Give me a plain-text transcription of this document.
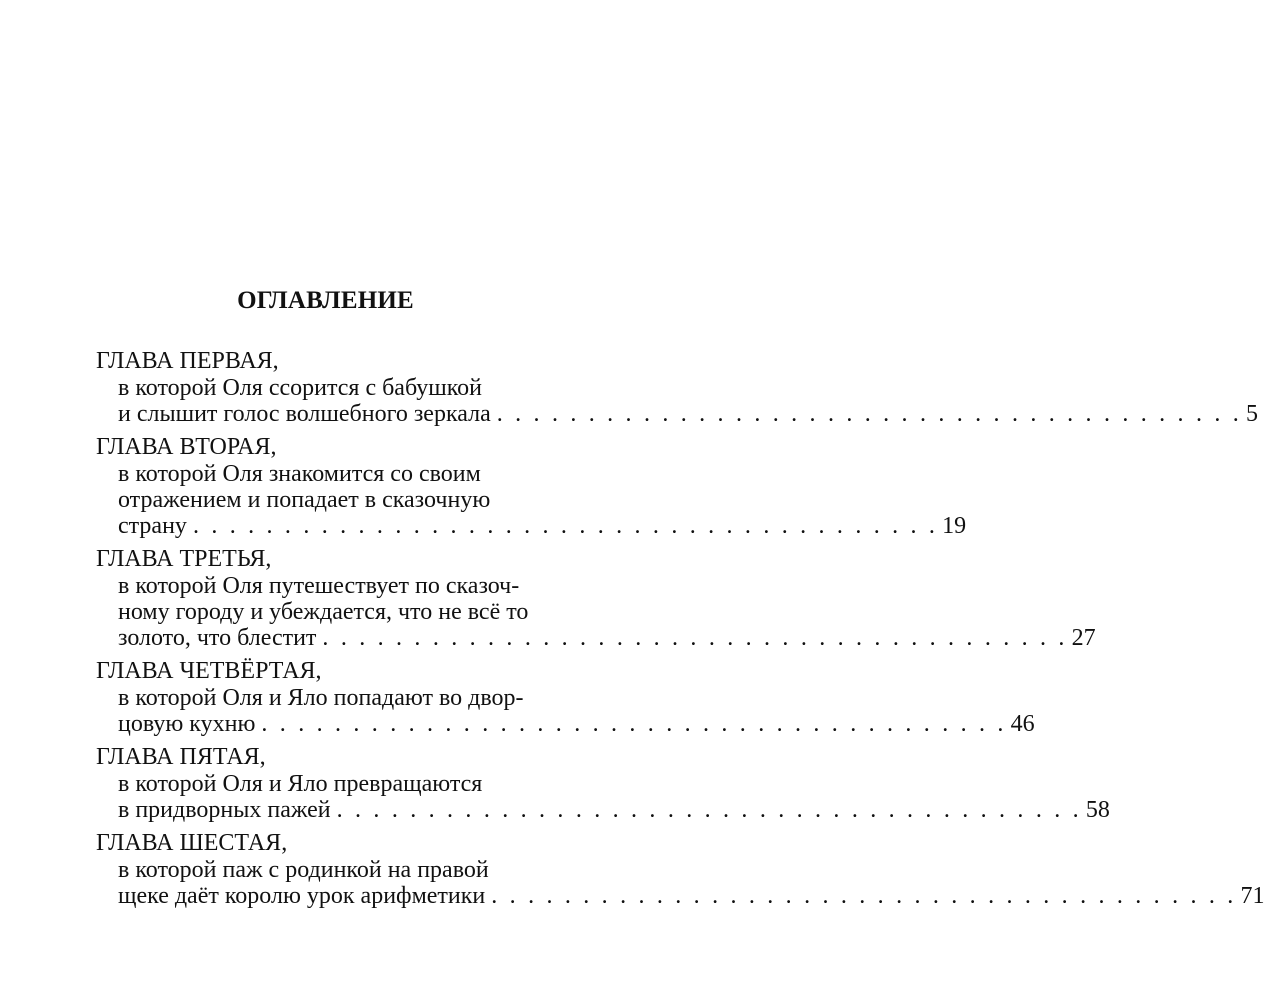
ОГЛАВЛЕНИЕ
ГЛАВА ПЕРВАЯ,
в которой Оля ссорится с бабушкой
и слышит голос волшебного зеркала . . . . . . . . . . . . . . . . . . . . . . . . . . . . . . . . . . . . . . . . . 5
ГЛАВА ВТОРАЯ,
в которой Оля знакомится со своим
отражением и попадает в сказочную
страну . . . . . . . . . . . . . . . . . . . . . . . . . . . . . . . . . . . . . . . . . 19
ГЛАВА ТРЕТЬЯ,
в которой Оля путешествует по сказоч-
ному городу и убеждается, что не всё то
золото, что блестит . . . . . . . . . . . . . . . . . . . . . . . . . . . . . . . . . . . . . . . . . 27
ГЛАВА ЧЕТВЁРТАЯ,
в которой Оля и Яло попадают во двор-
цовую кухню . . . . . . . . . . . . . . . . . . . . . . . . . . . . . . . . . . . . . . . . . 46
ГЛАВА ПЯТАЯ,
в которой Оля и Яло превращаются
в придворных пажей . . . . . . . . . . . . . . . . . . . . . . . . . . . . . . . . . . . . . . . . . 58
ГЛАВА ШЕСТАЯ,
в которой паж с родинкой на правой
щеке даёт королю урок арифметики . . . . . . . . . . . . . . . . . . . . . . . . . . . . . . . . . . . . . . . . . 71
